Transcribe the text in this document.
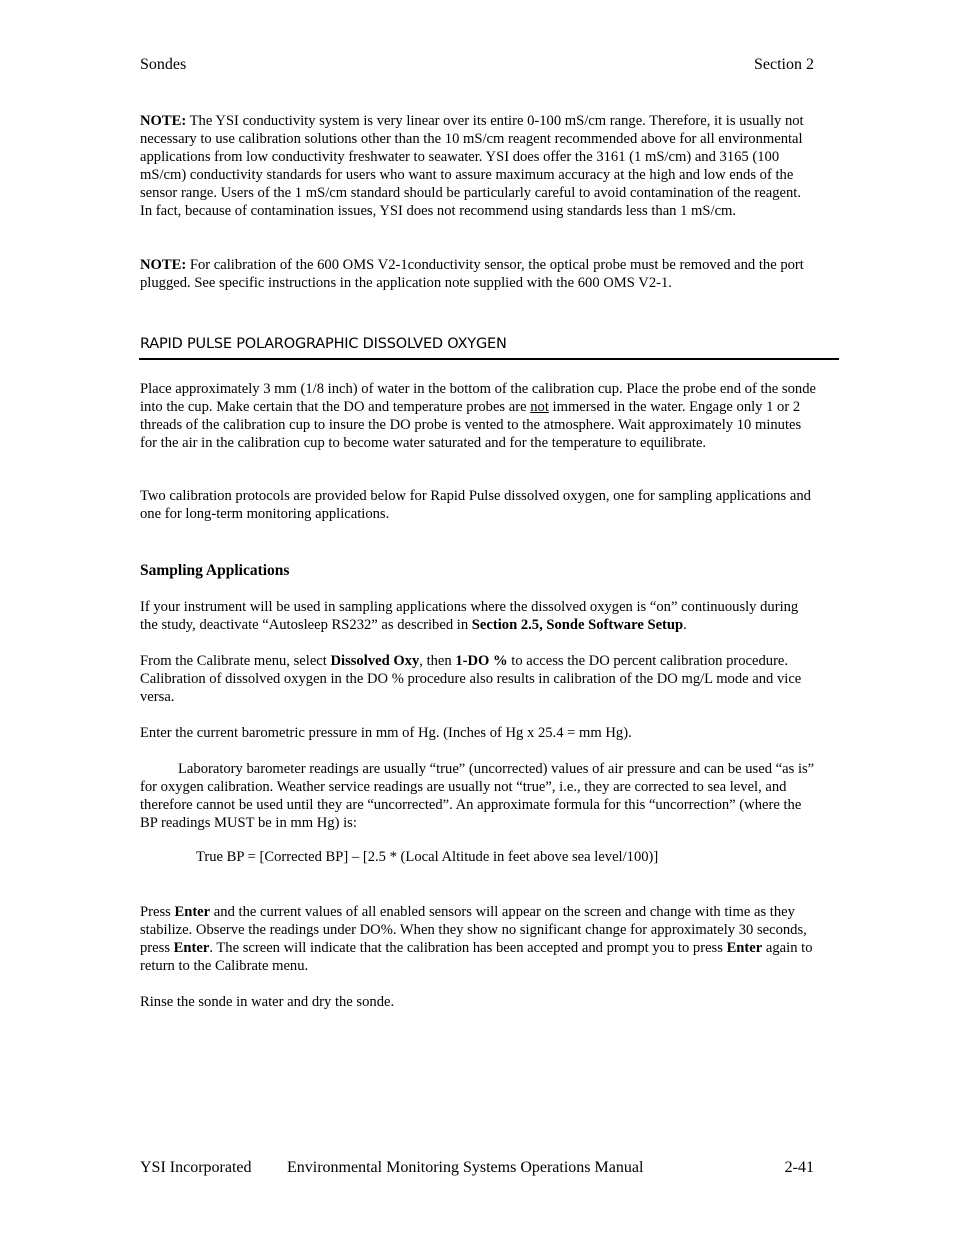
Sondes	Section 2

NOTE: The YSI conductivity system is very linear over its entire 0-100 mS/cm range. Therefore, it is usually not necessary to use calibration solutions other than the 10 mS/cm reagent recommended above for all environmental applications from low conductivity freshwater to seawater. YSI does offer the 3161 (1 mS/cm) and 3165 (100 mS/cm) conductivity standards for users who want to assure maximum accuracy at the high and low ends of the sensor range. Users of the 1 mS/cm standard should be particularly careful to avoid contamination of the reagent. In fact, because of contamination issues, YSI does not recommend using standards less than 1 mS/cm.

NOTE: For calibration of the 600 OMS V2-1conductivity sensor, the optical probe must be removed and the port plugged. See specific instructions in the application note supplied with the 600 OMS V2-1.

RAPID PULSE POLAROGRAPHIC DISSOLVED OXYGEN

Place approximately 3 mm (1/8 inch) of water in the bottom of the calibration cup. Place the probe end of the sonde into the cup. Make certain that the DO and temperature probes are not immersed in the water. Engage only 1 or 2 threads of the calibration cup to insure the DO probe is vented to the atmosphere. Wait approximately 10 minutes for the air in the calibration cup to become water saturated and for the temperature to equilibrate.

Two calibration protocols are provided below for Rapid Pulse dissolved oxygen, one for sampling applications and one for long-term monitoring applications.

Sampling Applications

If your instrument will be used in sampling applications where the dissolved oxygen is “on” continuously during the study, deactivate “Autosleep RS232” as described in Section 2.5, Sonde Software Setup.

From the Calibrate menu, select Dissolved Oxy, then 1-DO % to access the DO percent calibration procedure. Calibration of dissolved oxygen in the DO % procedure also results in calibration of the DO mg/L mode and vice versa.

Enter the current barometric pressure in mm of Hg. (Inches of Hg x 25.4 = mm Hg).

Laboratory barometer readings are usually “true” (uncorrected) values of air pressure and can be used “as is” for oxygen calibration. Weather service readings are usually not “true”, i.e., they are corrected to sea level, and therefore cannot be used until they are “uncorrected”. An approximate formula for this “uncorrection” (where the BP readings MUST be in mm Hg) is:

True BP = [Corrected BP] – [2.5 * (Local Altitude in feet above sea level/100)]

Press Enter and the current values of all enabled sensors will appear on the screen and change with time as they stabilize. Observe the readings under DO%. When they show no significant change for approximately 30 seconds, press Enter. The screen will indicate that the calibration has been accepted and prompt you to press Enter again to return to the Calibrate menu.

Rinse the sonde in water and dry the sonde.

YSI Incorporated Environmental Monitoring Systems Operations Manual	2-41
